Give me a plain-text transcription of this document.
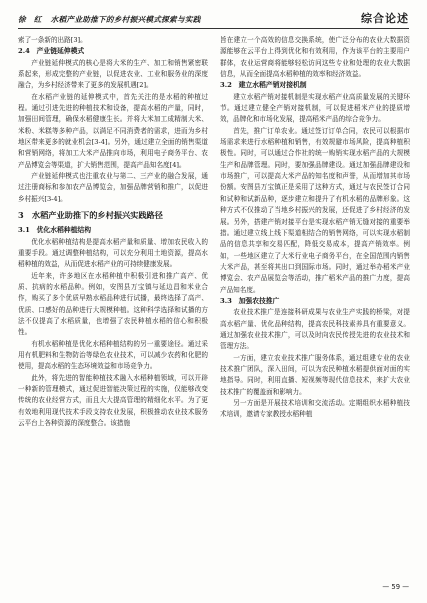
徐　红 水稻产业助推下的乡村振兴模式探索与实践	综合论述

索了一条新的出路[3]。

2.4　产业链延伸模式

产业链延伸模式的核心是将大米的生产、加工和销售紧密联系起来，形成完整的产业链，以促进农业、工业和服务业的深度融合，为乡村经济带来了更多的发展机遇[2]。

在水稻产业链的延伸模式中，首先关注的是水稻的种植过程。通过引进先进的种植技术和设备，提高水稻的产量，同时，加强田间管理，确保水稻健康生长。并将大米加工成精制大米、米粉、米糕等多种产品，以满足不同消费者的需求，进而为乡村地区带来更多的就业机会[3-4]。另外，通过建立全面的销售渠道和营销网络，将加工大米产品推向市场，利用电子商务平台、农产品博览会等渠道，扩大销售范围，提高产品知名度[4]。

产业链延伸模式也注重农业与第二、三产业的融合发展，通过注册商标和参加农产品博览会，加强品牌营销和推广，以促进乡村振兴[3-4]。

3　水稻产业助推下的乡村振兴实践路径
3.1　优化水稻种植结构

优化水稻种植结构是提高水稻产量和质量、增加农民收入的重要手段。通过调整种植结构，可以充分利用土地资源，提高水稻种植的效益，从而促进水稻产业的可持续健康发展。

近年来，许多地区在水稻种植中积极引进和推广高产、优质、抗病的水稻品种。例如，安图县万宝镇与延边昌和米业合作，购买了多个优质早熟水稻品种进行试播，最终选择了高产、优质、口感好的品种进行大规模种植。这种科学选择和试播的方法不仅提高了水稻质量，也增强了农民种植水稻的信心和积极性。

有机水稻种植是优化水稻种植结构的另一重要途径。通过采用有机肥料和生物防治等绿色农业技术，可以减少农药和化肥的使用，提高水稻的生态环境效益和市场竞争力。

此外，将先进的智能种植技术融入水稻种植领域，可以开辟一种新的管理模式，通过促进智能决策过程的实施，仅能够改变传统的农业经营方式，而且大大提高管理的精细化水平。为了更有效地利用现代技术手段支持农业发展，积极推动农业技术服务云平台上各种资源的深度整合。该措施

旨在建立一个高效的信息交换系统，使广泛分布的农业大数据资源能够在云平台上得到优化和有效利用，作为该平台的主要用户群体，农业运营商将能够轻松访问这些专业和处理的农业大数据信息，从而全面提高水稻种植的效率和经济效益。

3.2　建立水稻产销对接机制

建立水稻产销对接机制是实现水稻产业高质量发展的关键环节。通过建立健全产销对接机制，可以促进稻米产业的提质增效，品牌化和市场化发展，提高稻米产品的综合竞争力。

首先，推广订单农业。通过签订订单合同，农民可以根据市场需求来进行水稻种植和销售，有效规避市场风险，提高种植积极性。同时，可以通过合作社的统一购销实现水稻产品的大规模生产和品牌管理。同时，要加强品牌建设。通过加强品牌建设和市场推广，可以提高大米产品的知名度和声誉，从而增加其市场份额。安图县万宝镇正是采用了这种方式，通过与农民签订合同和试种和试新品种，逐步建立和提升了有机水稻的品牌形象。这种方式不仅推动了当地乡村振兴的发展，还促进了乡村经济的发展。另外，搭建产销对接平台是实现水稻产销无缝对接的重要举措。通过建立线上线下渠道相结合的销售网络，可以实现水稻制品的信息共享和交易匹配，降低交易成本，提高产销效率。例如，一些地区建立了大米行业电子商务平台，在全国范围内销售大米产品，甚至将其出口到国际市场。同时，通过举办稻米产业博览会、农产品展览会等活动，推广稻米产品的推广力度，提高产品知名度。

3.3　加强农技推广

农业技术推广是连接科研成果与农业生产实践的桥梁，对提高水稻产量、优化品种结构，提高农民科技素养具有重要意义。通过加强农业技术推广，可以及时向农民传授先进的农业技术和管理方法。

一方面，建立农业技术推广服务体系，通过组建专业的农业技术推广团队，深入田间，可以为农民种植水稻提供面对面的实地指导。同时，利用直播、短视频等现代信息技术，来扩大农业技术推广的覆盖面和影响力。

另一方面是开展技术培训和交流活动。定期组织水稻种植技术培训，邀请专家教授水稻种植

— 59 —
